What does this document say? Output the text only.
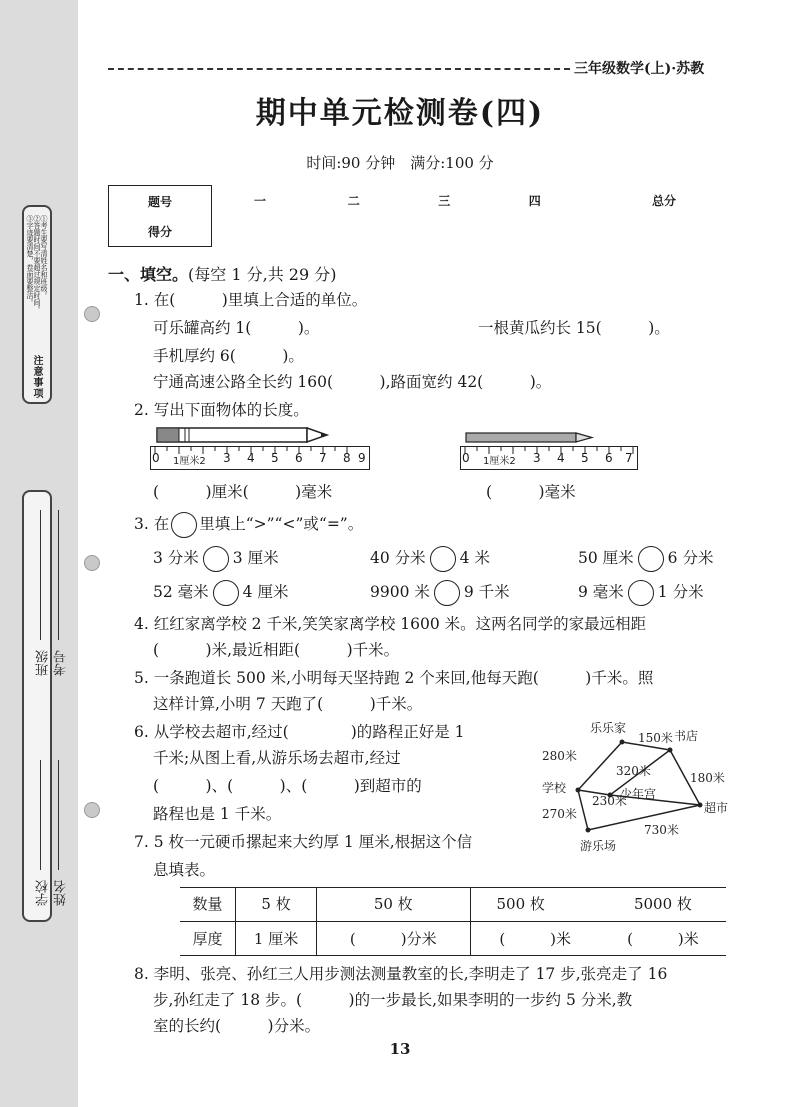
①考生要写清姓名和班级。
②答题时间不要超过规定时间。
③字迹要清楚，卷面要整洁。
注意事项
学校 姓名
班级 考号
三年级数学(上)·苏教
期中单元检测卷(四)
时间:90 分钟　满分:100 分
题号	一	二	三	四	总分
得分					
一、填空。(每空 1 分,共 29 分)
1. 在(　　　)里填上合适的单位。
可乐罐高约 1(　　　)。	一根黄瓜约长 15(　　　)。
手机厚约 6(　　　)。
宁通高速公路全长约 160(　　　),路面宽约 42(　　　)。
2. 写出下面物体的长度。
0 1厘米2 3 4 5 6 7 8 9
(　　　)厘米(　　　)毫米
0 1厘米2 3 4 5 6 7
(　　　)毫米
3. 在 里填上“>”“<”或“=”。
3 分米 3 厘米	40 分米 4 米	50 厘米 6 分米
52 毫米 4 厘米	9900 米 9 千米	9 毫米 1 分米
4. 红红家离学校 2 千米,笑笑家离学校 1600 米。这两名同学的家最远相距
(　　　)米,最近相距(　　　)千米。
5. 一条跑道长 500 米,小明每天坚持跑 2 个来回,他每天跑(　　　)千米。照
这样计算,小明 7 天跑了(　　　)千米。
6. 从学校去超市,经过(　　　　)的路程正好是 1
千米;从图上看,从游乐场去超市,经过
(　　　)、(　　　)、(　　　)到超市的
路程也是 1 千米。
乐乐家
书店
学校	少年宫
超市
游乐场
150米
280米
320米	180米
230米
270米
730米
7. 5 枚一元硬币摞起来大约厚 1 厘米,根据这个信
息填表。
数量	5 枚	50 枚	500 枚	5000 枚
厚度	1 厘米	(　　　)分米	(　　　)米	(　　　)米
8. 李明、张亮、孙红三人用步测法测量教室的长,李明走了 17 步,张亮走了 16
步,孙红走了 18 步。(　　　)的一步最长,如果李明的一步约 5 分米,教
室的长约(　　　)分米。
13
